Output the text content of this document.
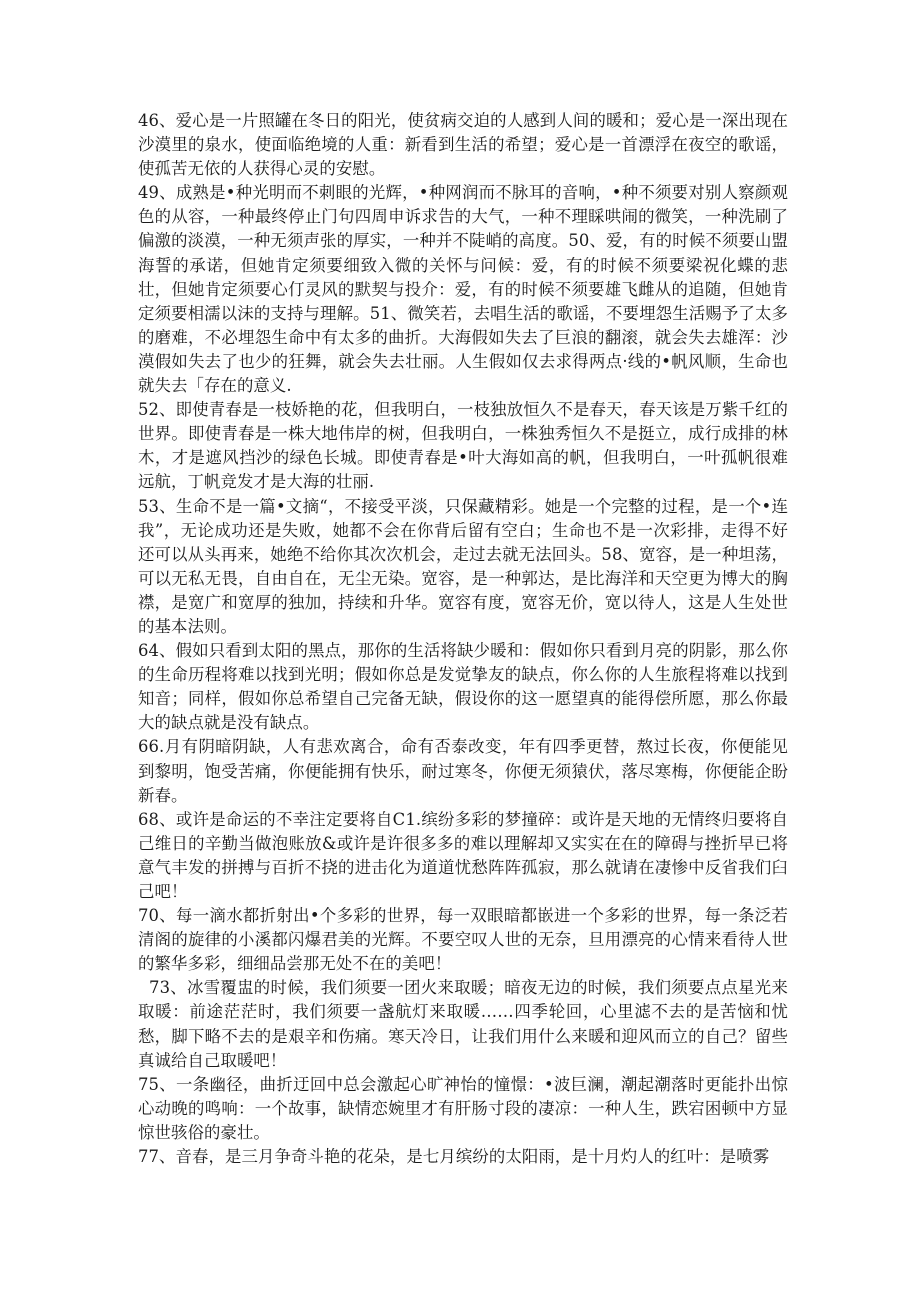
46、爱心是一片照罐在冬日的阳光，使贫病交迫的人感到人间的暖和；爱心是一深出现在沙漠里的泉水，使面临绝境的人重：新看到生活的希望；爱心是一首漂浮在夜空的歌谣，使孤苦无依的人获得心灵的安慰。

49、成熟是•种光明而不刺眼的光辉，•种网润而不脉耳的音响，•种不须要对别人察颜观色的从容，一种最终停止门句四周申诉求告的大气，一种不理睬哄闹的微笑，一种洗刷了偏激的淡漠，一种无须声张的厚实，一种并不陡峭的高度。50、爱，有的时候不须要山盟海誓的承诺，但她肯定须要细致入微的关怀与问候：爱，有的时候不须要梁祝化蝶的悲壮，但她肯定须要心仃灵风的默契与投介：爱，有的时候不须要雄飞雌从的追随，但她肯定须要相濡以沫的支持与理解。51、微笑若，去唱生活的歌谣，不要埋怨生活赐予了太多的磨难，不必埋怨生命中有太多的曲折。大海假如失去了巨浪的翻滚，就会失去雄浑：沙漠假如失去了也少的狂舞，就会失去壮丽。人生假如仅去求得两点·线的•帆风顺，生命也就失去「存在的意义.

52、即使青春是一枝娇艳的花，但我明白，一枝独放恒久不是春天，春天该是万紫千红的世界。即使青春是一株大地伟岸的树，但我明白，一株独秀恒久不是挺立，成行成排的林木，才是遮风挡沙的绿色长城。即使青春是•叶大海如高的帆，但我明白，一叶孤帆很难远航，丁帆竞发才是大海的壮丽.

53、生命不是一篇•文摘“，不接受平淡，只保藏精彩。她是一个完整的过程，是一个•连我”，无论成功还是失败，她都不会在你背后留有空白；生命也不是一次彩排，走得不好还可以从头再来，她绝不给你其次次机会，走过去就无法回头。58、宽容，是一种坦荡，可以无私无畏，自由自在，无尘无染。宽容，是一种郭达，是比海洋和天空更为博大的胸襟，是宽广和宽厚的独加，持续和升华。宽容有度，宽容无价，宽以待人，这是人生处世的基本法则。

64、假如只看到太阳的黑点，那你的生活将缺少暖和：假如你只看到月亮的阴影，那么你的生命历程将难以找到光明；假如你总是发觉挚友的缺点，你么你的人生旅程将难以找到知音；同样，假如你总希望自己完备无缺，假设你的这一愿望真的能得偿所愿，那么你最大的缺点就是没有缺点。

66.月有阴暗阴缺，人有悲欢离合，命有否泰改变，年有四季更替，熬过长夜，你便能见到黎明，饱受苦痛，你便能拥有快乐，耐过寒冬，你便无须猿伏，落尽寒梅，你便能企盼新春。

68、或许是命运的不幸注定要将自C1.缤纷多彩的梦撞碎：或许是天地的无情终归要将自己维日的辛勤当做泡账放&或许是许很多多的难以理解却又实实在在的障碍与挫折早已将意气丰发的拼搏与百折不挠的进击化为道道忧愁阵阵孤寂，那么就请在凄惨中反省我们臼己吧！

70、每一滴水都折射出•个多彩的世界，每一双眼暗都嵌进一个多彩的世界，每一条泛若清阁的旋律的小溪都闪爆君美的光辉。不要空叹人世的无奈，旦用漂亮的心情来看待人世的繁华多彩，细细品尝那无处不在的美吧！

73、冰雪覆盅的时候，我们须要一团火来取暖；暗夜无边的时候，我们须要点点星光来取暖：前途茫茫时，我们须要一盏航灯来取暖……四季轮回，心里滤不去的是苦恼和忧愁，脚下略不去的是艰辛和伤痛。寒天冷日，让我们用什么来暖和迎风而立的自己？留些真诚给自己取暖吧！

75、一条幽径，曲折迂回中总会激起心旷神怡的憧憬：•波巨澜，潮起潮落时更能扑出惊心动晚的鸣响：一个故事，缺情恋婉里才有肝肠寸段的凄凉：一种人生，跌宕困顿中方显惊世骇俗的豪壮。

77、音春，是三月争奇斗艳的花朵，是七月缤纷的太阳雨，是十月灼人的红叶：是喷雾
